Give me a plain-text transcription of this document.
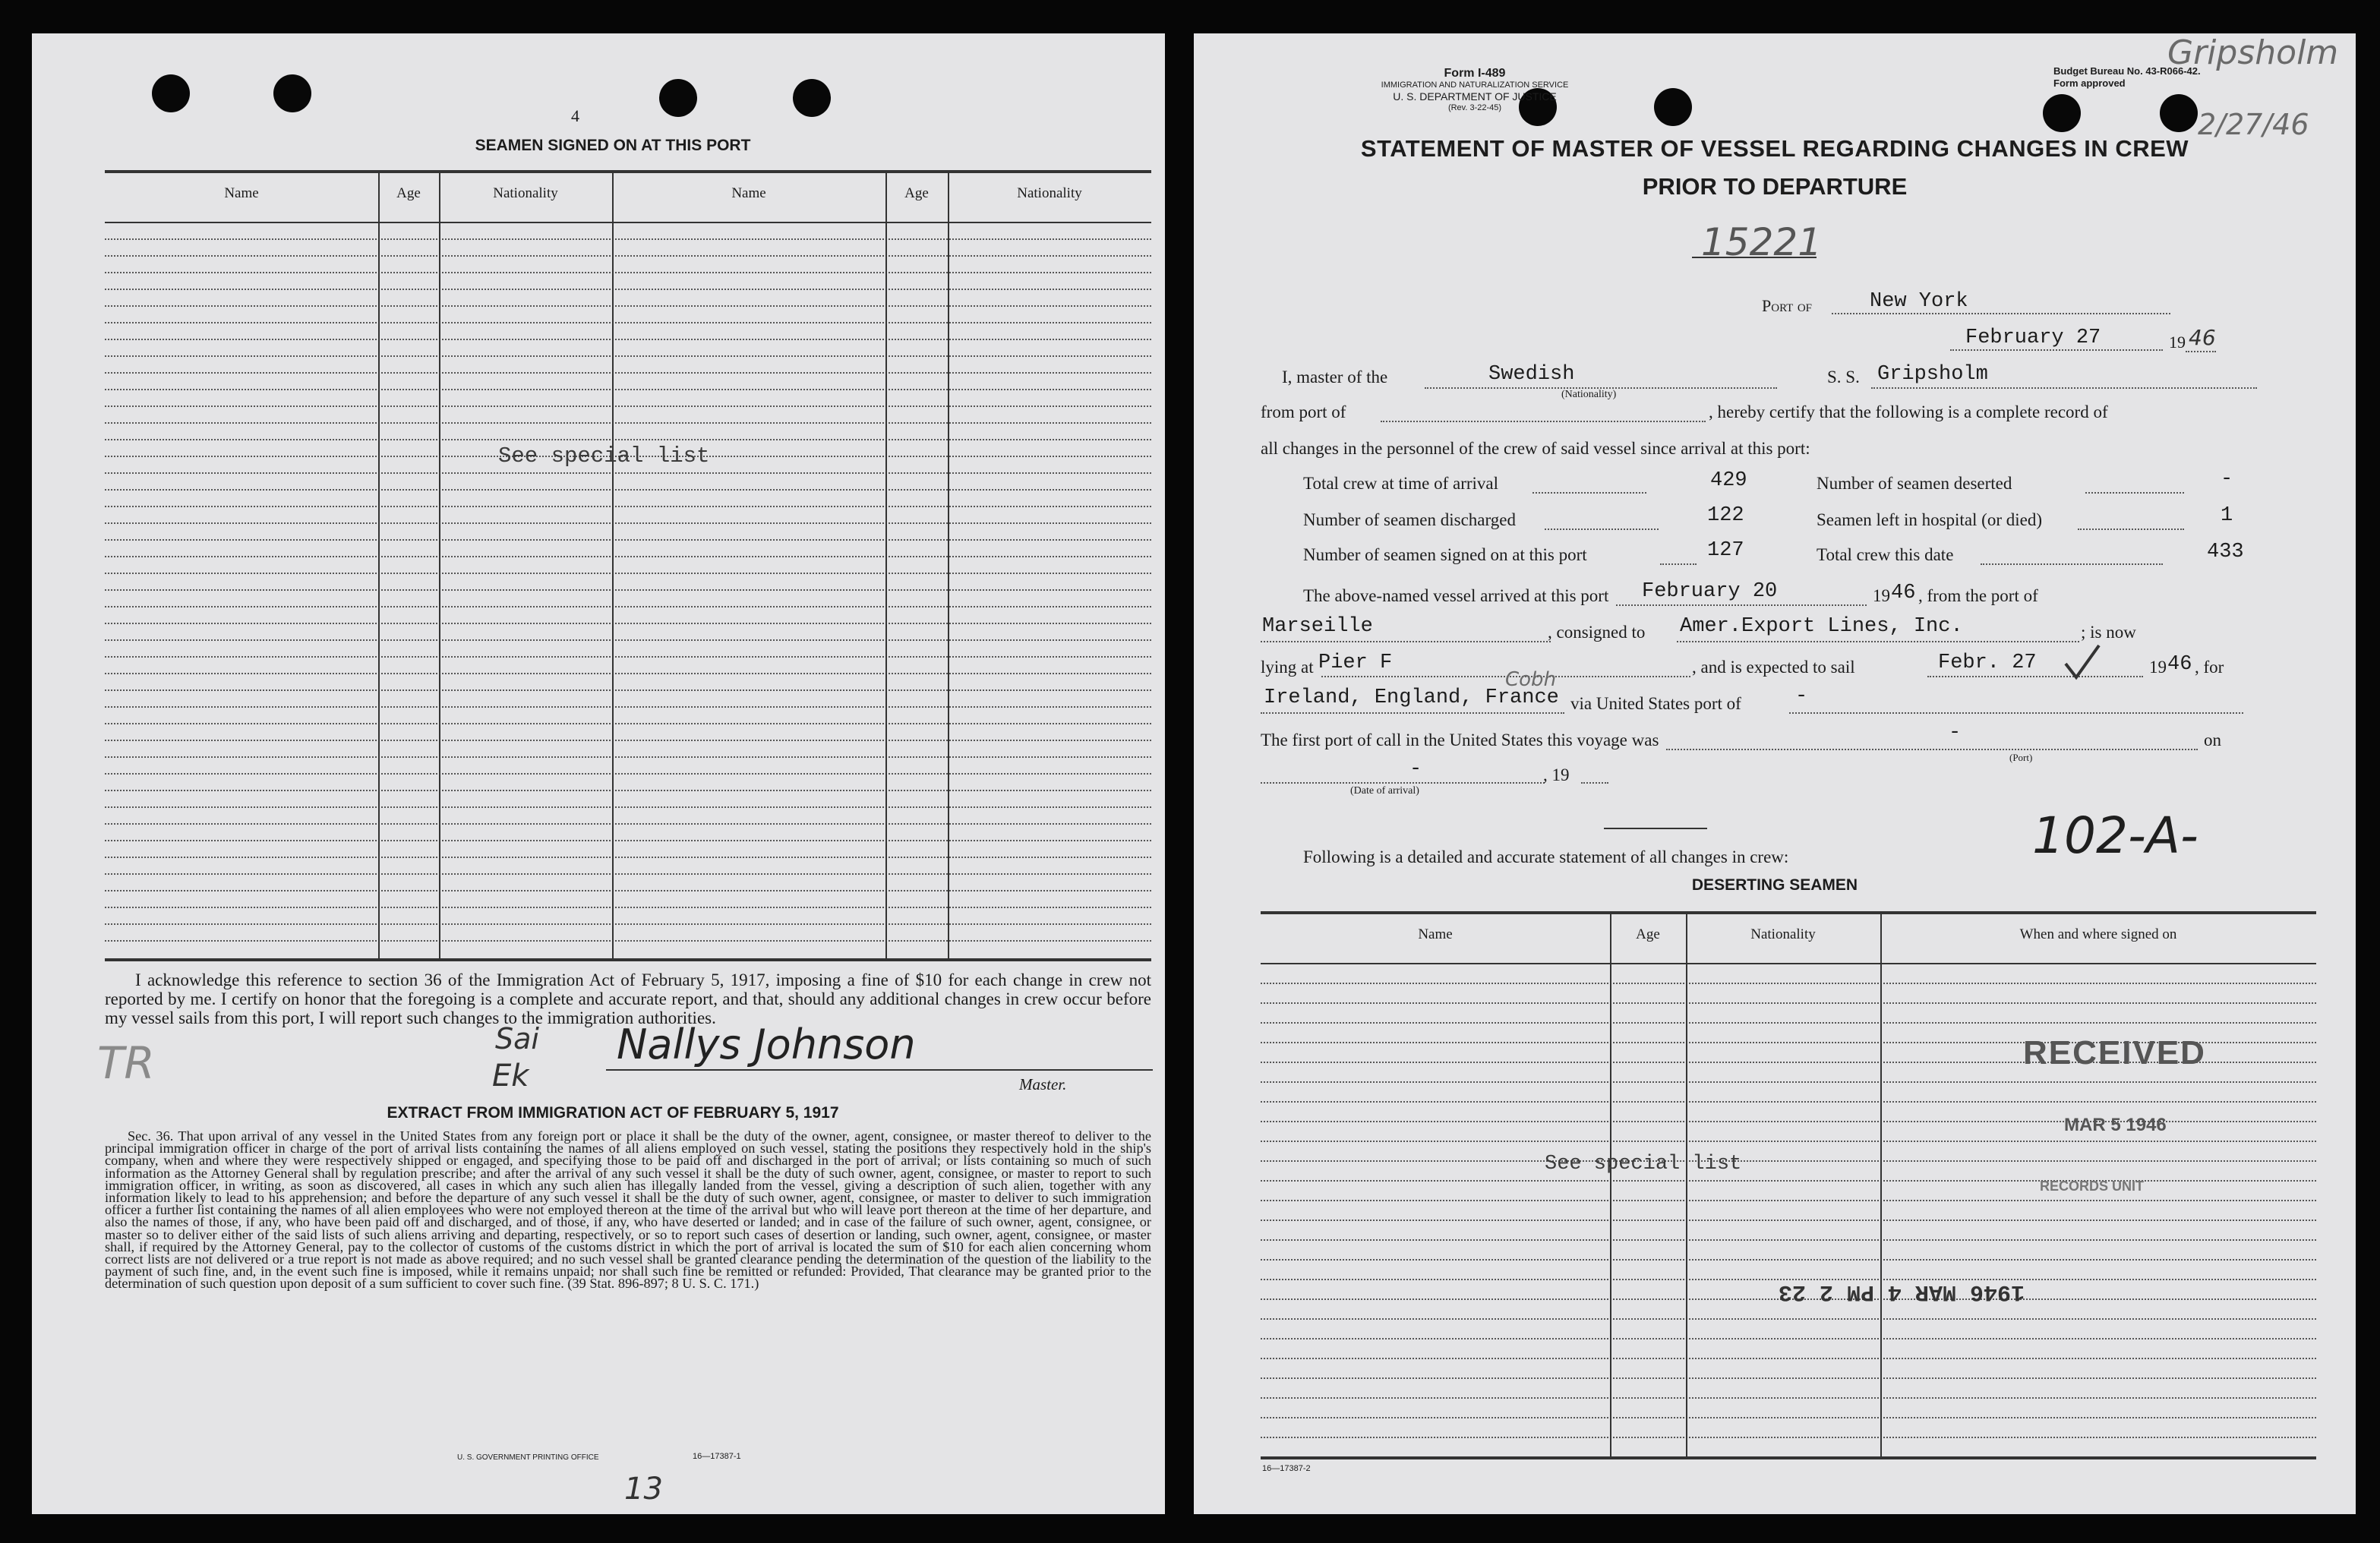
4
SEAMEN SIGNED ON AT THIS PORT
Name	Age	Nationality	Name	Age	Nationality
See special list
I acknowledge this reference to section 36 of the Immigration Act of February 5, 1917, imposing a fine of $10 for each change in crew not reported by me. I certify on honor that the foregoing is a complete and accurate report, and that, should any additional changes in crew occur before my vessel sails from this port, I will report such changes to the immigration authorities.
TR	Sai
Ek
Nallys Johnson
Master.
EXTRACT FROM IMMIGRATION ACT OF FEBRUARY 5, 1917
Sec. 36. That upon arrival of any vessel in the United States from any foreign port or place it shall be the duty of the owner, agent, consignee, or master thereof to deliver to the principal immigration officer in charge of the port of arrival lists containing the names of all aliens employed on such vessel, stating the positions they respectively hold in the ship's company, when and where they were respectively shipped or engaged, and specifying those to be paid off and discharged in the port of arrival; or lists containing so much of such information as the Attorney General shall by regulation prescribe; and after the arrival of any such vessel it shall be the duty of such owner, agent, consignee, or master to report to such immigration officer, in writing, as soon as discovered, all cases in which any such alien has illegally landed from the vessel, giving a description of such alien, together with any information likely to lead to his apprehension; and before the departure of any such vessel it shall be the duty of such owner, agent, consignee, or master to deliver to such immigration officer a further list containing the names of all alien employees who were not employed thereon at the time of the arrival but who will leave port thereon at the time of her departure, and also the names of those, if any, who have been paid off and discharged, and of those, if any, who have deserted or landed; and in case of the failure of such owner, agent, consignee, or master so to deliver either of the said lists of such aliens arriving and departing, respectively, or so to report such cases of desertion or landing, such owner, agent, consignee, or master shall, if required by the Attorney General, pay to the collector of customs of the customs district in which the port of arrival is located the sum of $10 for each alien concerning whom correct lists are not delivered or a true report is not made as above required; and no such vessel shall be granted clearance pending the determination of the question of the liability to the payment of such fine, and, in the event such fine is imposed, while it remains unpaid; nor shall such fine be remitted or refunded: Provided, That clearance may be granted prior to the determination of such question upon deposit of a sum sufficient to cover such fine. (39 Stat. 896-897; 8 U. S. C. 171.)
U. S. GOVERNMENT PRINTING OFFICE	16—17387-1
13
Form I-489
IMMIGRATION AND NATURALIZATION SERVICE
U. S. DEPARTMENT OF JUSTICE
(Rev. 3-22-45)
Budget Bureau No. 43-R066-42.
Form approved
Gripsholm
2/27/46
STATEMENT OF MASTER OF VESSEL REGARDING CHANGES IN CREW
PRIOR TO DEPARTURE
15221
Port of	New York
February 27	19 46
I, master of the	Swedish
(Nationality)
S. S. Gripsholm
from port of	, hereby certify that the following is a complete record of
all changes in the personnel of the crew of said vessel since arrival at this port:
Total crew at time of arrival	429	Number of seamen deserted	-
Number of seamen discharged	122	Seamen left in hospital (or died)	1
Number of seamen signed on at this port	127	Total crew this date	433
The above-named vessel arrived at this port February 20	19 46 , from the port of
Marseille	, consigned to Amer.Export Lines, Inc.	; is now
lying at Pier F	, and is expected to sail	Febr. 27	19 46 , for
Cobh
Ireland, England, France via United States port of	-
The first port of call in the United States this voyage was	-
(Port)
on
-
(Date of arrival)
, 19
Following is a detailed and accurate statement of all changes in crew:	102-A-
DESERTING SEAMEN
Name	Age	Nationality	When and where signed on
See special list
RECEIVED
MAR 5 1946
RECORDS UNIT
1946 MAR 4 PM 2 23
16—17387-2
